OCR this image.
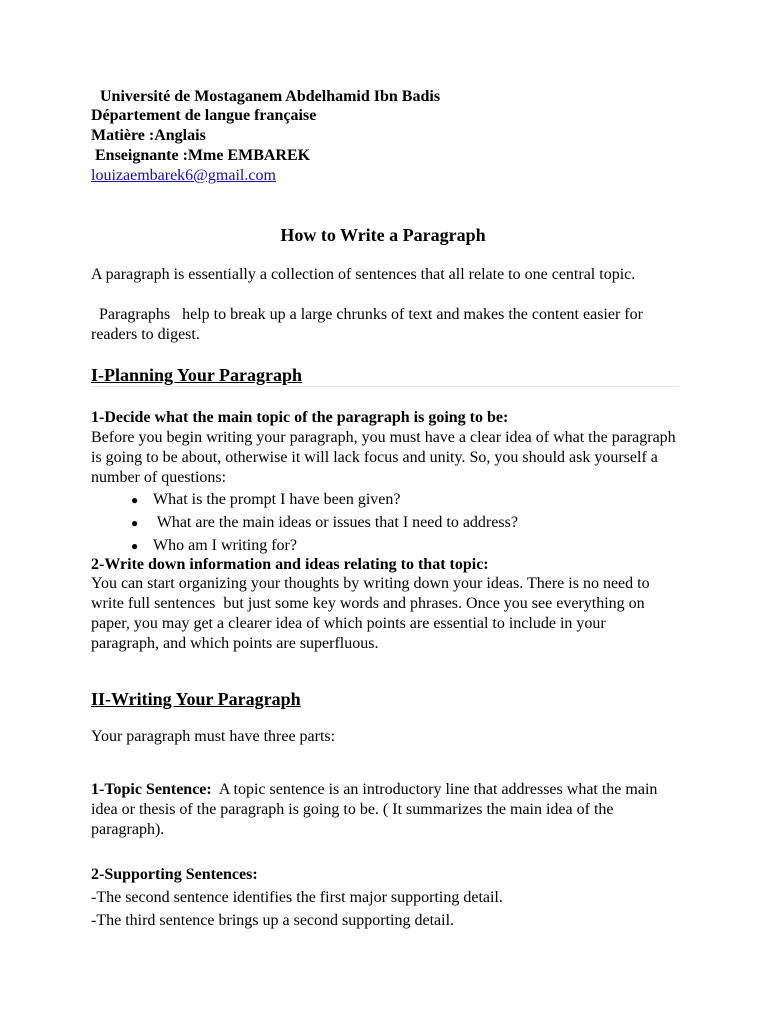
Université de Mostaganem Abdelhamid Ibn Badis
Département de langue française
Matière :Anglais
Enseignante :Mme EMBAREK
louizaembarek6@gmail.com
How to Write a Paragraph
A paragraph is essentially a collection of sentences that all relate to one central topic.
Paragraphs   help to break up a large chrunks of text and makes the content easier for readers to digest.
I-Planning Your Paragraph
1-Decide what the main topic of the paragraph is going to be:
Before you begin writing your paragraph, you must have a clear idea of what the paragraph is going to be about, otherwise it will lack focus and unity. So, you should ask yourself a number of questions:
● What is the prompt I have been given?
● What are the main ideas or issues that I need to address?
● Who am I writing for?
2-Write down information and ideas relating to that topic:
You can start organizing your thoughts by writing down your ideas. There is no need to write full sentences  but just some key words and phrases. Once you see everything on paper, you may get a clearer idea of which points are essential to include in your paragraph, and which points are superfluous.
II-Writing Your Paragraph
Your paragraph must have three parts:
1-Topic Sentence:  A topic sentence is an introductory line that addresses what the main idea or thesis of the paragraph is going to be. ( It summarizes the main idea of the paragraph).
2-Supporting Sentences:
-The second sentence identifies the first major supporting detail.
-The third sentence brings up a second supporting detail.
